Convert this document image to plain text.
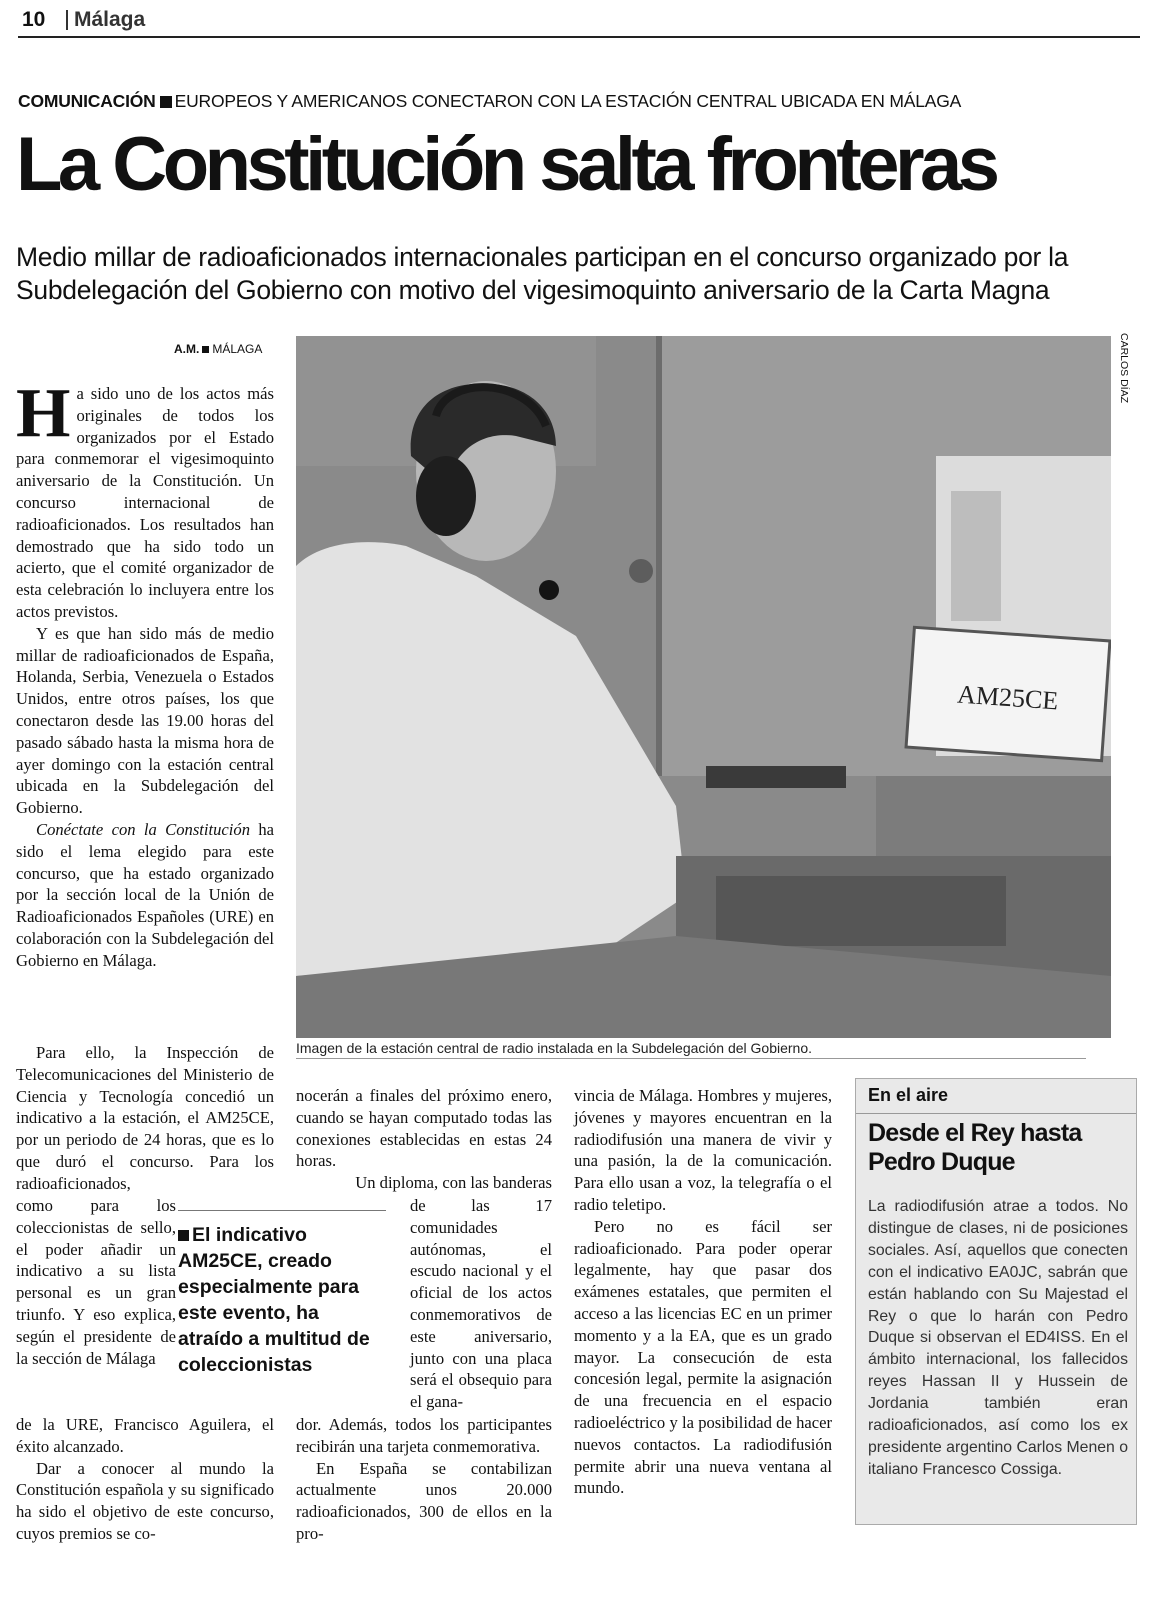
10 Málaga
COMUNICACIÓN EUROPEOS Y AMERICANOS CONECTARON CON LA ESTACIÓN CENTRAL UBICADA EN MÁLAGA
La Constitución salta fronteras

Medio millar de radioaficionados internacionales participan en el concurso organizado por la Subdelegación del Gobierno con motivo del vigesimoquinto aniversario de la Carta Magna

A.M. MÁLAGA

Ha sido uno de los actos más originales de todos los organizados por el Estado para conmemorar el vigesimoquinto aniversario de la Constitución. Un concurso internacional de radioaficionados. Los resultados han demostrado que ha sido todo un acierto, que el comité organizador de esta celebración lo incluyera entre los actos previstos.

Y es que han sido más de medio millar de radioaficionados de España, Holanda, Serbia, Venezuela o Estados Unidos, entre otros países, los que conectaron desde las 19.00 horas del pasado sábado hasta la misma hora de ayer domingo con la estación central ubicada en la Subdelegación del Gobierno.

Conéctate con la Constitución ha sido el lema elegido para este concurso, que ha estado organizado por la sección local de la Unión de Radioaficionados Españoles (URE) en colaboración con la Subdelegación del Gobierno en Málaga.

AM25CE
CARLOS DÍAZ
Imagen de la estación central de radio instalada en la Subdelegación del Gobierno.

Para ello, la Inspección de Telecomunicaciones del Ministerio de Ciencia y Tecnología concedió un indicativo a la estación, el AM25CE, por un periodo de 24 horas, que es lo que duró el concurso. Para los radioaficionados,

como para los coleccionistas de sello, el poder añadir un indicativo a su lista personal es un gran triunfo. Y eso explica, según el presidente de la sección de Málaga

de la URE, Francisco Aguilera, el éxito alcanzado.

Dar a conocer al mundo la Constitución española y su significado ha sido el objetivo de este concurso, cuyos premios se co-

El indicativo AM25CE, creado especialmente para este evento, ha atraído a multitud de coleccionistas

nocerán a finales del próximo enero, cuando se hayan computado todas las conexiones establecidas en estas 24 horas.

Un diploma, con las banderas

de las 17 comunidades autónomas, el escudo nacional y el oficial de los actos conmemorativos de este aniversario, junto con una placa será el obsequio para el gana-

dor. Además, todos los participantes recibirán una tarjeta conmemorativa.

En España se contabilizan actualmente unos 20.000 radioaficionados, 300 de ellos en la pro-

vincia de Málaga. Hombres y mujeres, jóvenes y mayores encuentran en la radiodifusión una manera de vivir y una pasión, la de la comunicación. Para ello usan a voz, la telegrafía o el radio teletipo.

Pero no es fácil ser radioaficionado. Para poder operar legalmente, hay que pasar dos exámenes estatales, que permiten el acceso a las licencias EC en un primer momento y a la EA, que es un grado mayor. La consecución de esta concesión legal, permite la asignación de una frecuencia en el espacio radioeléctrico y la posibilidad de hacer nuevos contactos. La radiodifusión permite abrir una nueva ventana al mundo.

En el aire
Desde el Rey hasta Pedro Duque
La radiodifusión atrae a todos. No distingue de clases, ni de posiciones sociales. Así, aquellos que conecten con el indicativo EA0JC, sabrán que están hablando con Su Majestad el Rey o que lo harán con Pedro Duque si observan el ED4ISS. En el ámbito internacional, los fallecidos reyes Hassan II y Hussein de Jordania también eran radioaficionados, así como los ex presidente argentino Carlos Menen o italiano Francesco Cossiga.
